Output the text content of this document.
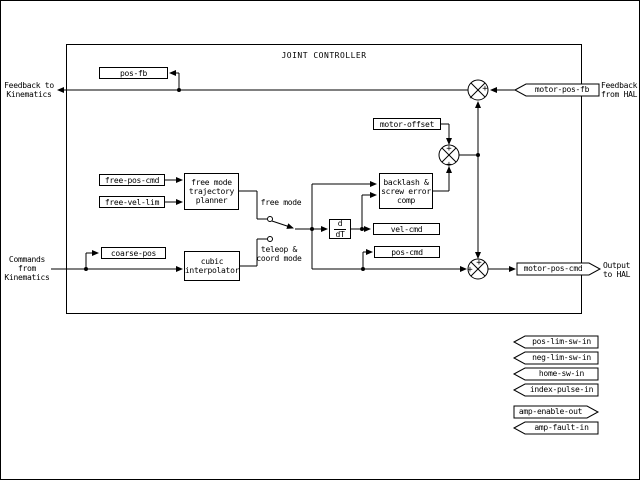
JOINT CONTROLLER
+
-
+
+
+
+
pos-fb
motor-offset
free-pos-cmd
free-vel-lim
free mode
trajectory
planner
coarse-pos
cubic
interpolator
backlash &
screw error
comp
d
dT
vel-cmd
pos-cmd
Feedback to
Kinematics
Commands
from
Kinematics
Feedback
from HAL
Output
to HAL
free mode
teleop &
coord mode
motor-pos-fb
motor-pos-cmd
pos-lim-sw-in
neg-lim-sw-in
home-sw-in
index-pulse-in
amp-enable-out
amp-fault-in
